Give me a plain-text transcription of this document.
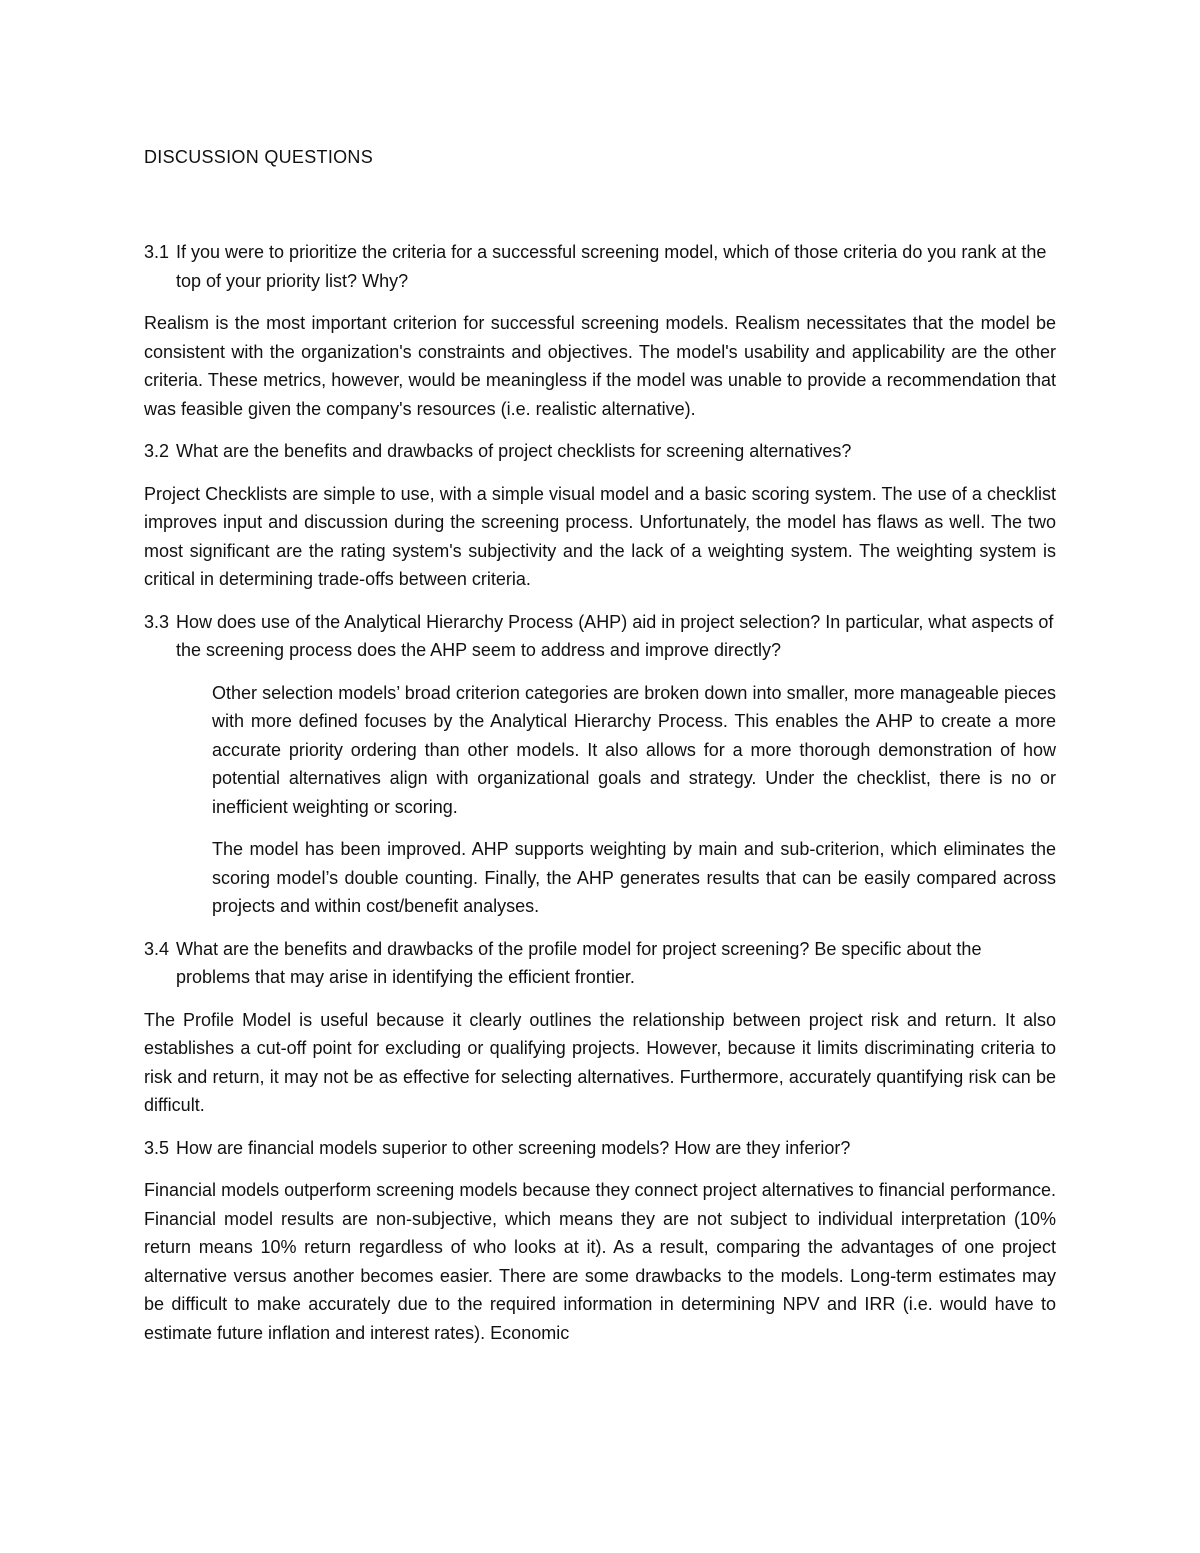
DISCUSSION QUESTIONS

3.1 If you were to prioritize the criteria for a successful screening model, which of those criteria do you rank at the top of your priority list? Why?

Realism is the most important criterion for successful screening models. Realism necessitates that the model be consistent with the organization's constraints and objectives. The model's usability and applicability are the other criteria. These metrics, however, would be meaningless if the model was unable to provide a recommendation that was feasible given the company's resources (i.e. realistic alternative).

3.2 What are the benefits and drawbacks of project checklists for screening alternatives?

Project Checklists are simple to use, with a simple visual model and a basic scoring system. The use of a checklist improves input and discussion during the screening process. Unfortunately, the model has flaws as well. The two most significant are the rating system's subjectivity and the lack of a weighting system. The weighting system is critical in determining trade-offs between criteria.

3.3 How does use of the Analytical Hierarchy Process (AHP) aid in project selection? In particular, what aspects of the screening process does the AHP seem to address and improve directly?

Other selection models’ broad criterion categories are broken down into smaller, more manageable pieces with more defined focuses by the Analytical Hierarchy Process. This enables the AHP to create a more accurate priority ordering than other models. It also allows for a more thorough demonstration of how potential alternatives align with organizational goals and strategy. Under the checklist, there is no or inefficient weighting or scoring.

The model has been improved. AHP supports weighting by main and sub-criterion, which eliminates the scoring model’s double counting. Finally, the AHP generates results that can be easily compared across projects and within cost/benefit analyses.

3.4 What are the benefits and drawbacks of the profile model for project screening? Be specific about the problems that may arise in identifying the efficient frontier.

The Profile Model is useful because it clearly outlines the relationship between project risk and return. It also establishes a cut-off point for excluding or qualifying projects. However, because it limits discriminating criteria to risk and return, it may not be as effective for selecting alternatives. Furthermore, accurately quantifying risk can be difficult.

3.5 How are financial models superior to other screening models? How are they inferior?

Financial models outperform screening models because they connect project alternatives to financial performance. Financial model results are non-subjective, which means they are not subject to individual interpretation (10% return means 10% return regardless of who looks at it). As a result, comparing the advantages of one project alternative versus another becomes easier. There are some drawbacks to the models. Long-term estimates may be difficult to make accurately due to the required information in determining NPV and IRR (i.e. would have to estimate future inflation and interest rates). Economic
